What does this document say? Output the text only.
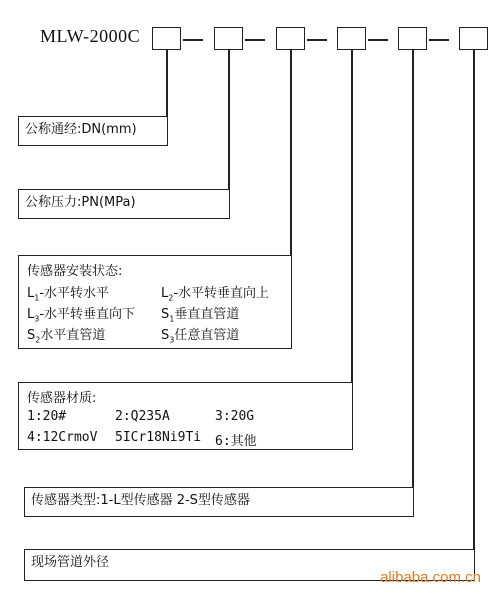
MLW-2000C
公称通经:DN(mm)
公称压力:PN(MPa)
传感器安装状态:
$L_1-$水平转水平	$L_2-$水平转垂直向上
$L_3-$水平转垂直向下 $S_1$垂直直管道
$S_2$水平直管道	$S_3$任意直管道
传感器材质:
1:20#	2:Q235A	3:20G
4:12CrmoV 5ICr18Ni9Ti 6:其他
传感器类型:1-L型传感器 2-S型传感器
现场管道外径
alibaba.com.cn
